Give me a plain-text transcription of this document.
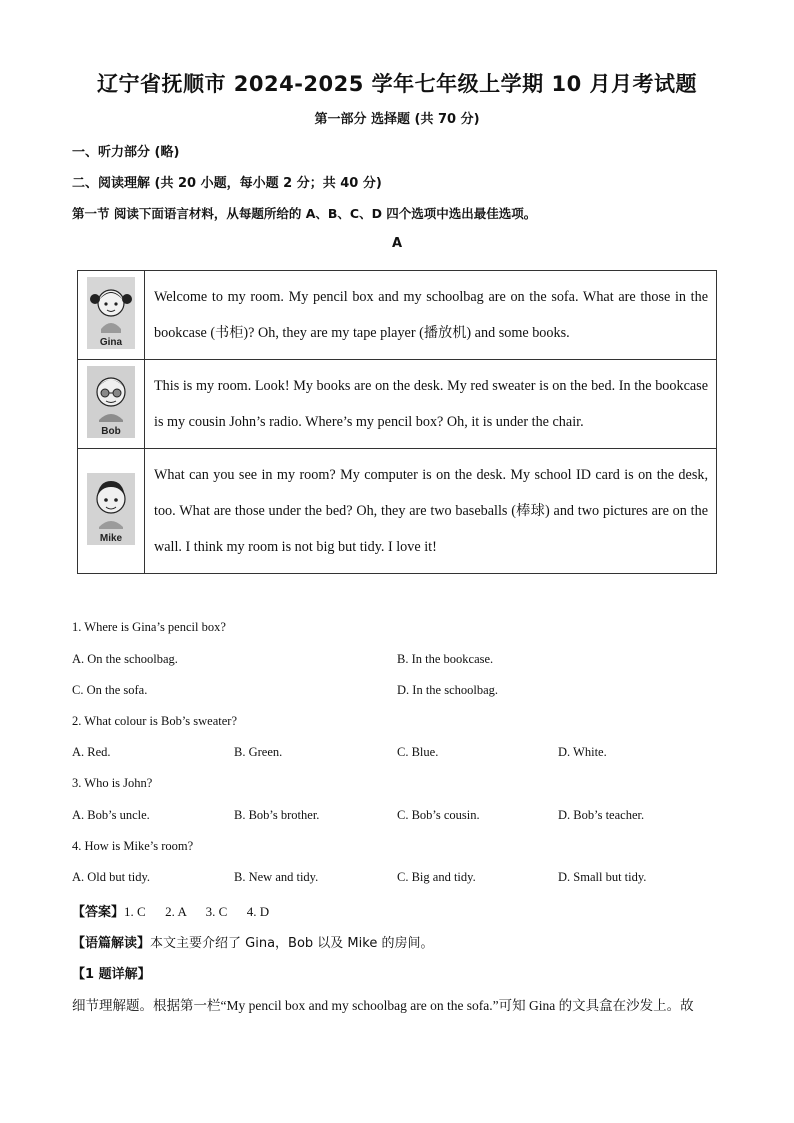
辽宁省抚顺市 2024-2025 学年七年级上学期 10 月月考试题
第一部分 选择题 (共 70 分)
一、听力部分 (略)
二、阅读理解 (共 20 小题，每小题 2 分；共 40 分)
第一节 阅读下面语言材料，从每题所给的 A、B、C、D 四个选项中选出最佳选项。
A
Gina	Welcome to my room. My pencil box and my schoolbag are on the sofa. What are those in the bookcase (书柜)? Oh, they are my tape player (播放机) and some books.

Bob	This is my room. Look! My books are on the desk. My red sweater is on the bed. In the bookcase is my cousin John’s radio. Where’s my pencil box? Oh, it is under the chair.

Mike	What can you see in my room? My computer is on the desk. My school ID card is on the desk, too. What are those under the bed? Oh, they are two baseballs (棒球) and two pictures are on the wall. I think my room is not big but tidy. I love it!
1. Where is Gina’s pencil box?
A. On the schoolbag.	B. In the bookcase.
C. On the sofa.	D. In the schoolbag.
2. What colour is Bob’s sweater?
A. Red.	B. Green.	C. Blue.	D. White.
3. Who is John?
A. Bob’s uncle.	B. Bob’s brother.	C. Bob’s cousin.	D. Bob’s teacher.
4. How is Mike’s room?
A. Old but tidy.	B. New and tidy.	C. Big and tidy.	D. Small but tidy.
【答案】1. C      2. A      3. C      4. D
【语篇解读】本文主要介绍了 Gina，Bob 以及 Mike 的房间。
【1 题详解】
细节理解题。根据第一栏“My pencil box and my schoolbag are on the sofa.”可知 Gina 的文具盒在沙发上。故
